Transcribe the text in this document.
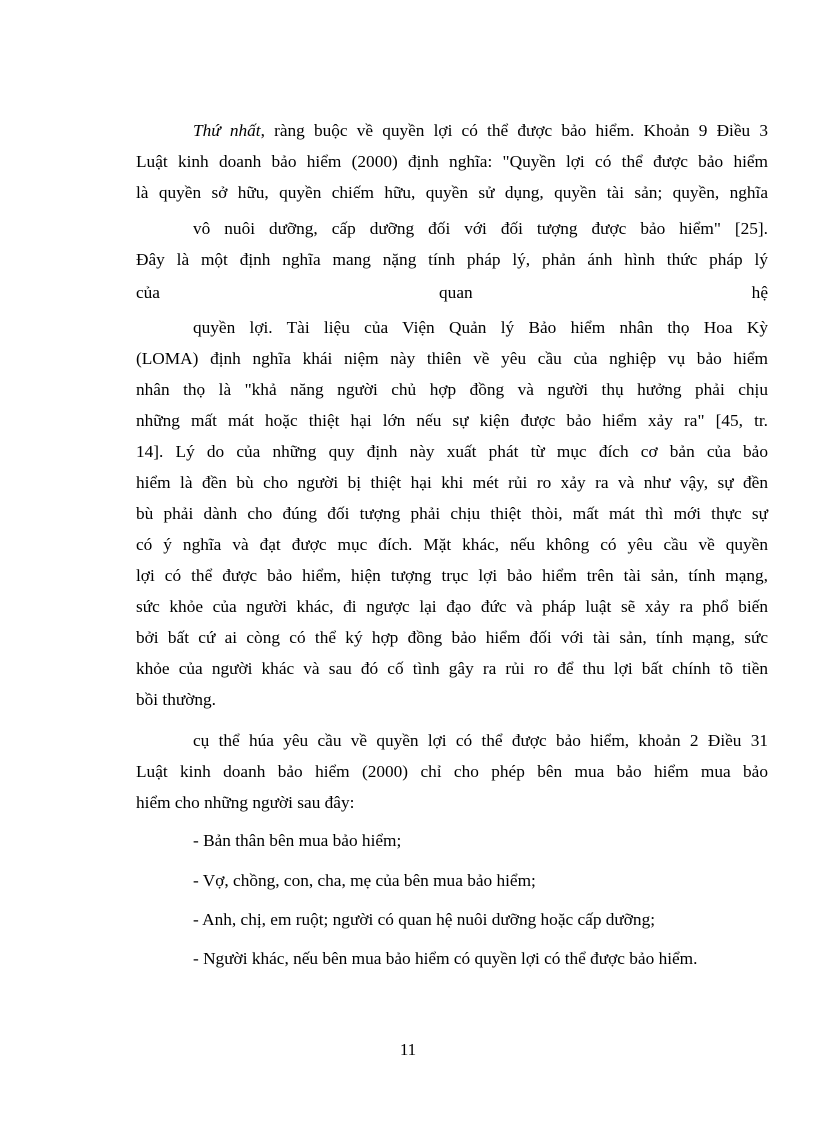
Thứ nhất, ràng buộc về quyền lợi có thể được bảo hiểm. Khoản 9 Điều 3
Luật kinh doanh bảo hiểm (2000) định nghĩa: "Quyền lợi có thể được bảo hiểm
là quyền sở hữu, quyền chiếm hữu, quyền sử dụng, quyền tài sản; quyền, nghĩa
vô nuôi dưỡng, cấp dưỡng đối với đối tượng được bảo hiểm" [25].
Đây là một định nghĩa mang nặng tính pháp lý, phản ánh hình thức pháp lý
của quan hệ
quyền lợi. Tài liệu của Viện Quản lý Bảo hiểm nhân thọ Hoa Kỳ
(LOMA) định nghĩa khái niệm này thiên về yêu cầu của nghiệp vụ bảo hiểm
nhân thọ là "khả năng người chủ hợp đồng và người thụ hưởng phải chịu
những mất mát hoặc thiệt hại lớn nếu sự kiện được bảo hiểm xảy ra" [45, tr.
14]. Lý do của những quy định này xuất phát từ mục đích cơ bản của bảo
hiểm là đền bù cho người bị thiệt hại khi mét rủi ro xảy ra và như vậy, sự đền
bù phải dành cho đúng đối tượng phải chịu thiệt thòi, mất mát thì mới thực sự
có ý nghĩa và đạt được mục đích. Mặt khác, nếu không có yêu cầu về quyền
lợi có thể được bảo hiểm, hiện tượng trục lợi bảo hiểm trên tài sản, tính mạng,
sức khỏe của người khác, đi ngược lại đạo đức và pháp luật sẽ xảy ra phổ biến
bởi bất cứ ai còng có thể ký hợp đồng bảo hiểm đối với tài sản, tính mạng, sức
khỏe của người khác và sau đó cố tình gây ra rủi ro để thu lợi bất chính tõ tiền
bồi thường.
cụ thể húa yêu cầu về quyền lợi có thể được bảo hiểm, khoản 2 Điều 31
Luật kinh doanh bảo hiểm (2000) chỉ cho phép bên mua bảo hiểm mua bảo
hiểm cho những người sau đây:
- Bản thân bên mua bảo hiểm;
- Vợ, chồng, con, cha, mẹ của bên mua bảo hiểm;
- Anh, chị, em ruột; người có quan hệ nuôi dưỡng hoặc cấp dưỡng;
- Người khác, nếu bên mua bảo hiểm có quyền lợi có thể được bảo hiểm.
11
